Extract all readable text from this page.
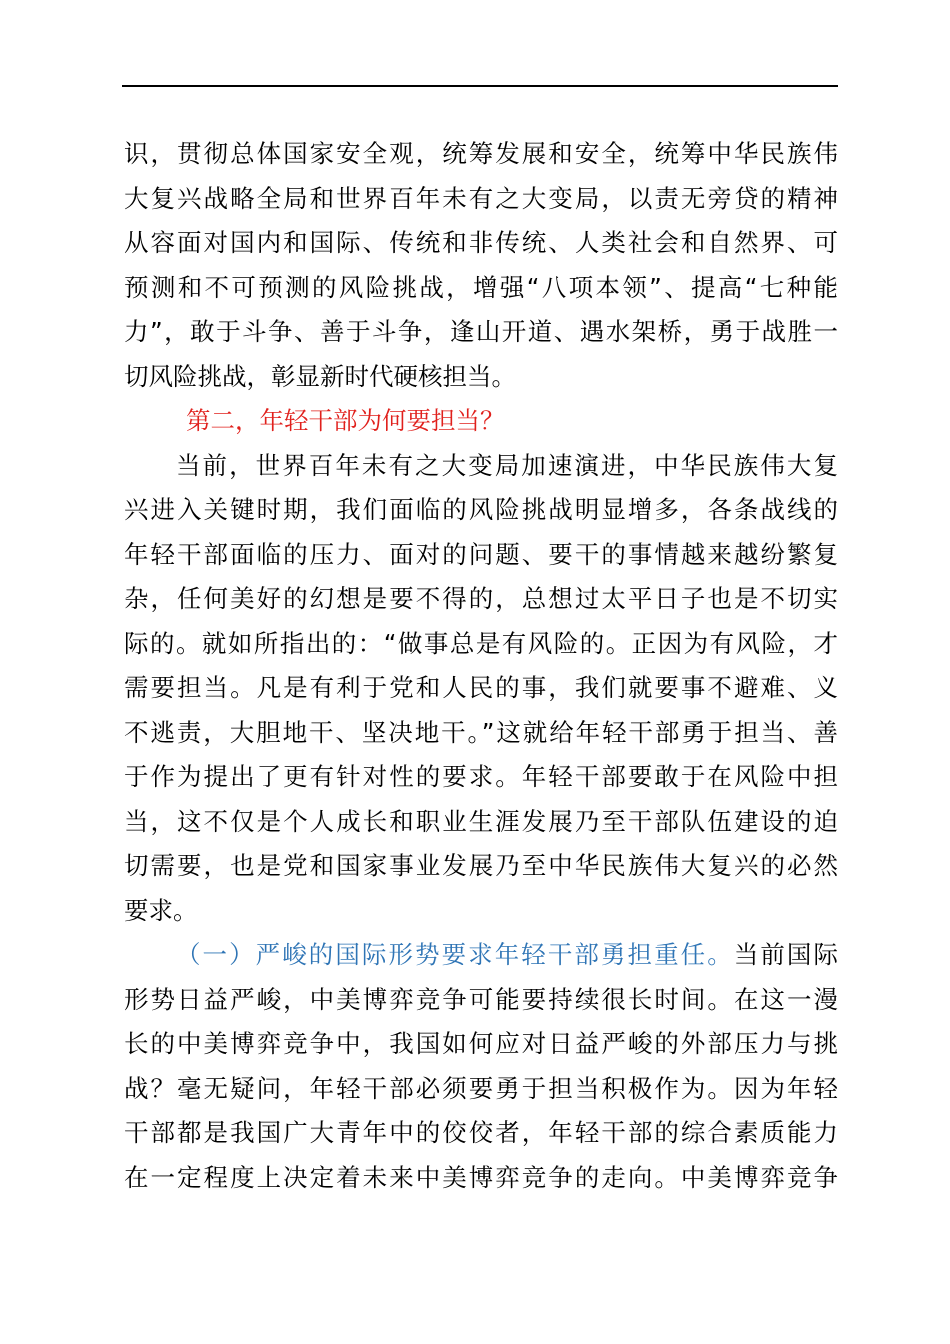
识，贯彻总体国家安全观，统筹发展和安全，统筹中华民族伟
大复兴战略全局和世界百年未有之大变局，以责无旁贷的精神
从容面对国内和国际、传统和非传统、人类社会和自然界、可
预测和不可预测的风险挑战，增强“八项本领”、提高“七种能
力”，敢于斗争、善于斗争，逢山开道、遇水架桥，勇于战胜一
切风险挑战，彰显新时代硬核担当。
第二，年轻干部为何要担当？
当前，世界百年未有之大变局加速演进，中华民族伟大复
兴进入关键时期，我们面临的风险挑战明显增多，各条战线的
年轻干部面临的压力、面对的问题、要干的事情越来越纷繁复
杂，任何美好的幻想是要不得的，总想过太平日子也是不切实
际的。就如所指出的：“做事总是有风险的。正因为有风险，才
需要担当。凡是有利于党和人民的事，我们就要事不避难、义
不逃责，大胆地干、坚决地干。”这就给年轻干部勇于担当、善
于作为提出了更有针对性的要求。年轻干部要敢于在风险中担
当，这不仅是个人成长和职业生涯发展乃至干部队伍建设的迫
切需要，也是党和国家事业发展乃至中华民族伟大复兴的必然
要求。
（一）严峻的国际形势要求年轻干部勇担重任。当前国际
形势日益严峻，中美博弈竞争可能要持续很长时间。在这一漫
长的中美博弈竞争中，我国如何应对日益严峻的外部压力与挑
战？毫无疑问，年轻干部必须要勇于担当积极作为。因为年轻
干部都是我国广大青年中的佼佼者，年轻干部的综合素质能力
在一定程度上决定着未来中美博弈竞争的走向。中美博弈竞争
